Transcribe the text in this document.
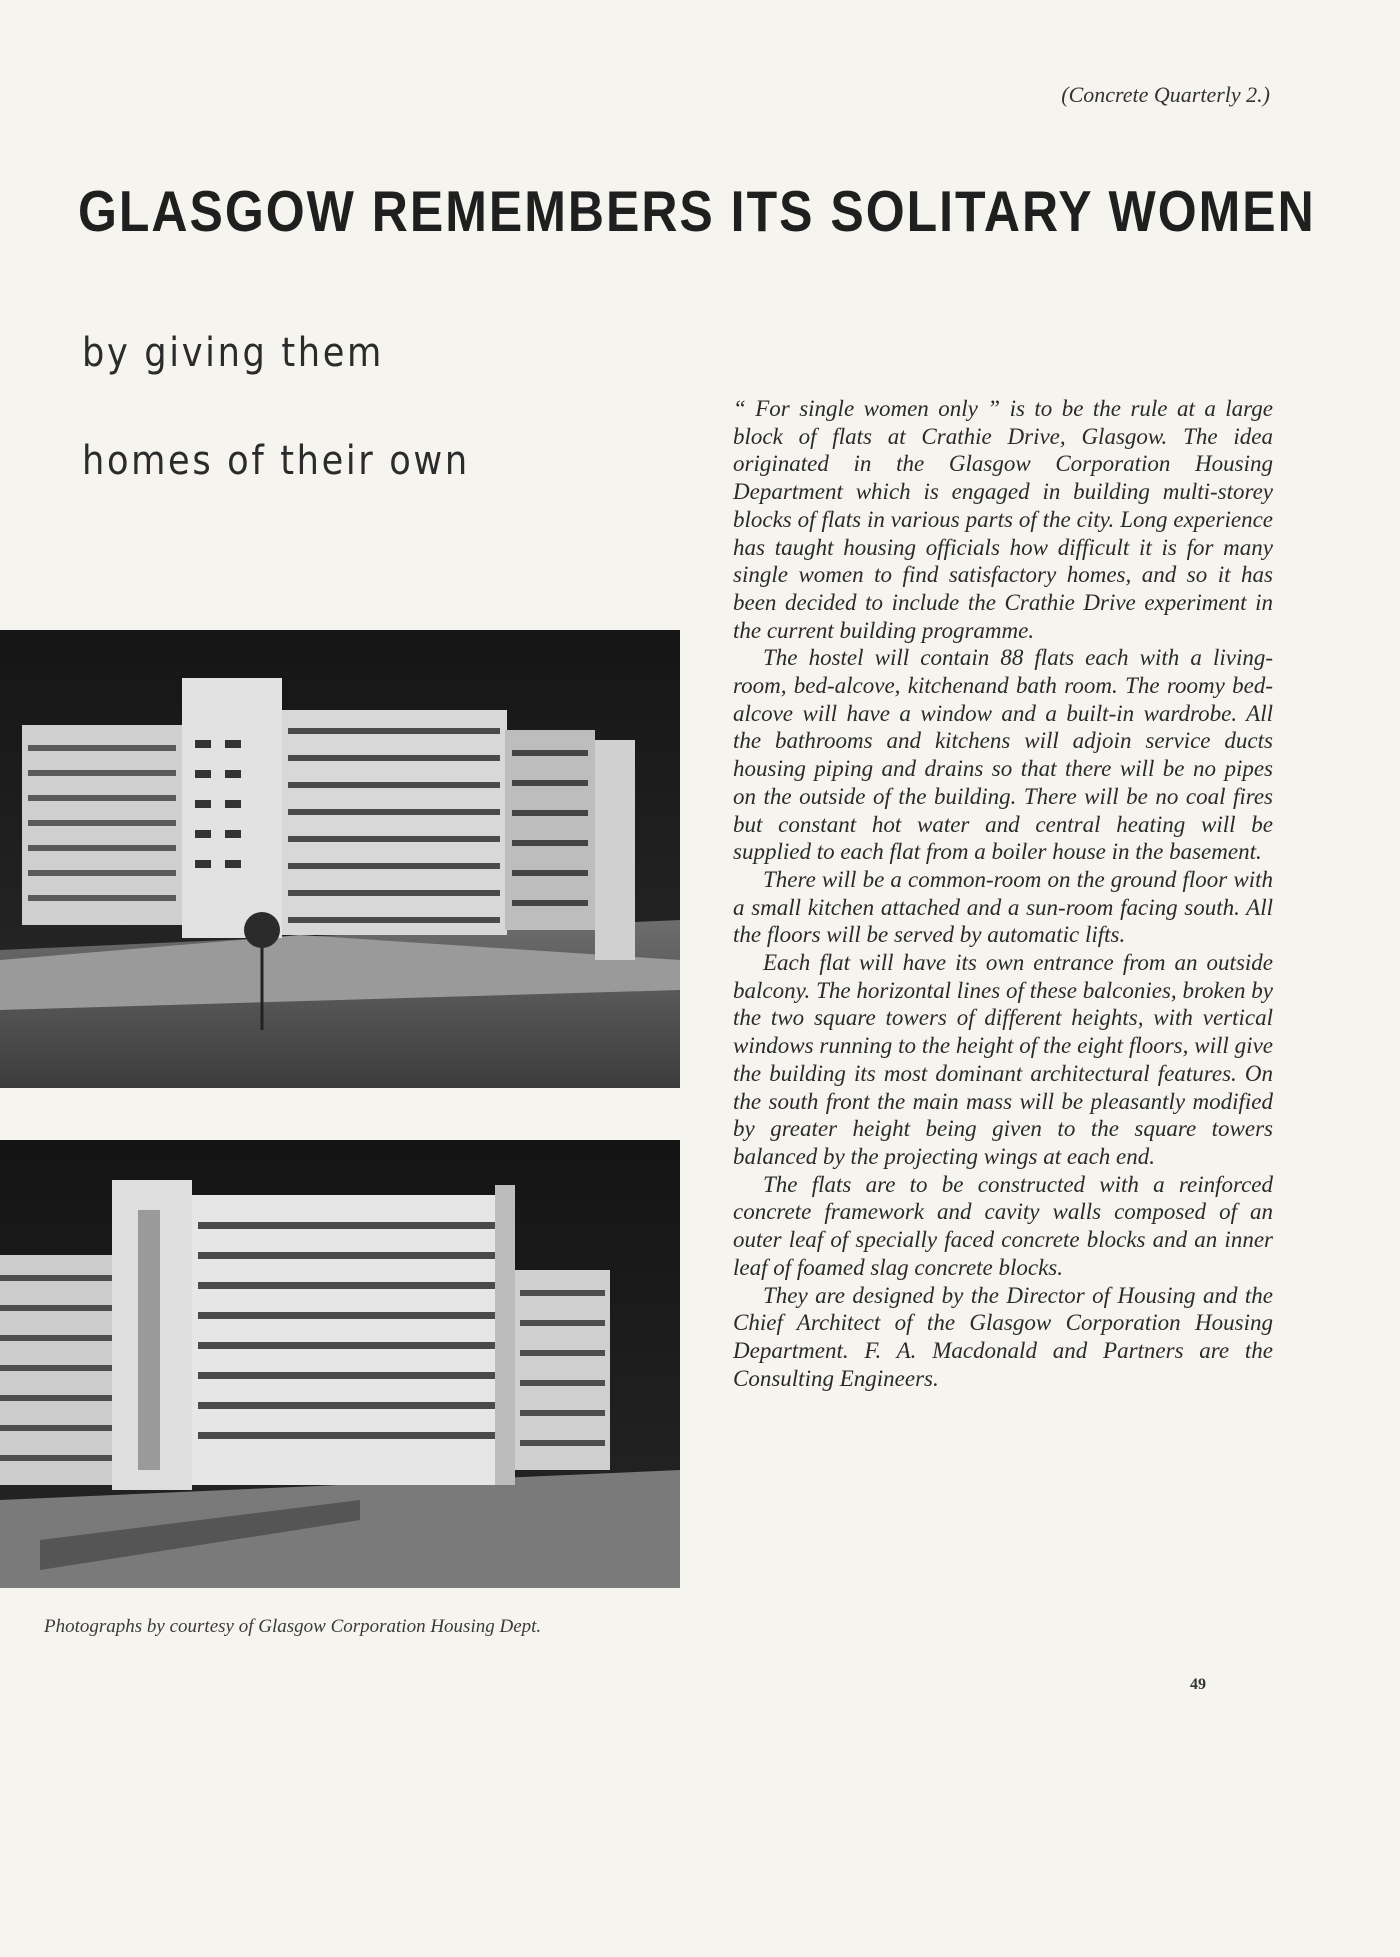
(Concrete Quarterly 2.)
GLASGOW REMEMBERS ITS SOLITARY WOMEN
by giving them
homes of their own
Photographs by courtesy of Glasgow Corporation Housing Dept.

“ For single women only ” is to be the rule at a large block of flats at Crathie Drive, Glasgow. The idea originated in the Glasgow Corporation Housing Department which is engaged in building multi-storey blocks of flats in various parts of the city. Long experience has taught housing officials how difficult it is for many single women to find satisfactory homes, and so it has been decided to include the Crathie Drive experiment in the current building programme.

The hostel will contain 88 flats each with a living-room, bed-alcove, kitchenand bath room. The roomy bed-alcove will have a window and a built-in wardrobe. All the bathrooms and kitchens will adjoin service ducts housing piping and drains so that there will be no pipes on the outside of the building. There will be no coal fires but constant hot water and central heating will be supplied to each flat from a boiler house in the basement.

There will be a common-room on the ground floor with a small kitchen attached and a sun-room facing south. All the floors will be served by automatic lifts.

Each flat will have its own entrance from an outside balcony. The horizontal lines of these balconies, broken by the two square towers of different heights, with vertical windows running to the height of the eight floors, will give the building its most dominant architectural features. On the south front the main mass will be pleasantly modified by greater height being given to the square towers balanced by the projecting wings at each end.

The flats are to be constructed with a reinforced concrete framework and cavity walls composed of an outer leaf of specially faced concrete blocks and an inner leaf of foamed slag concrete blocks.

They are designed by the Director of Housing and the Chief Architect of the Glasgow Corporation Housing Department. F. A. Macdonald and Partners are the Consulting Engineers.

49
